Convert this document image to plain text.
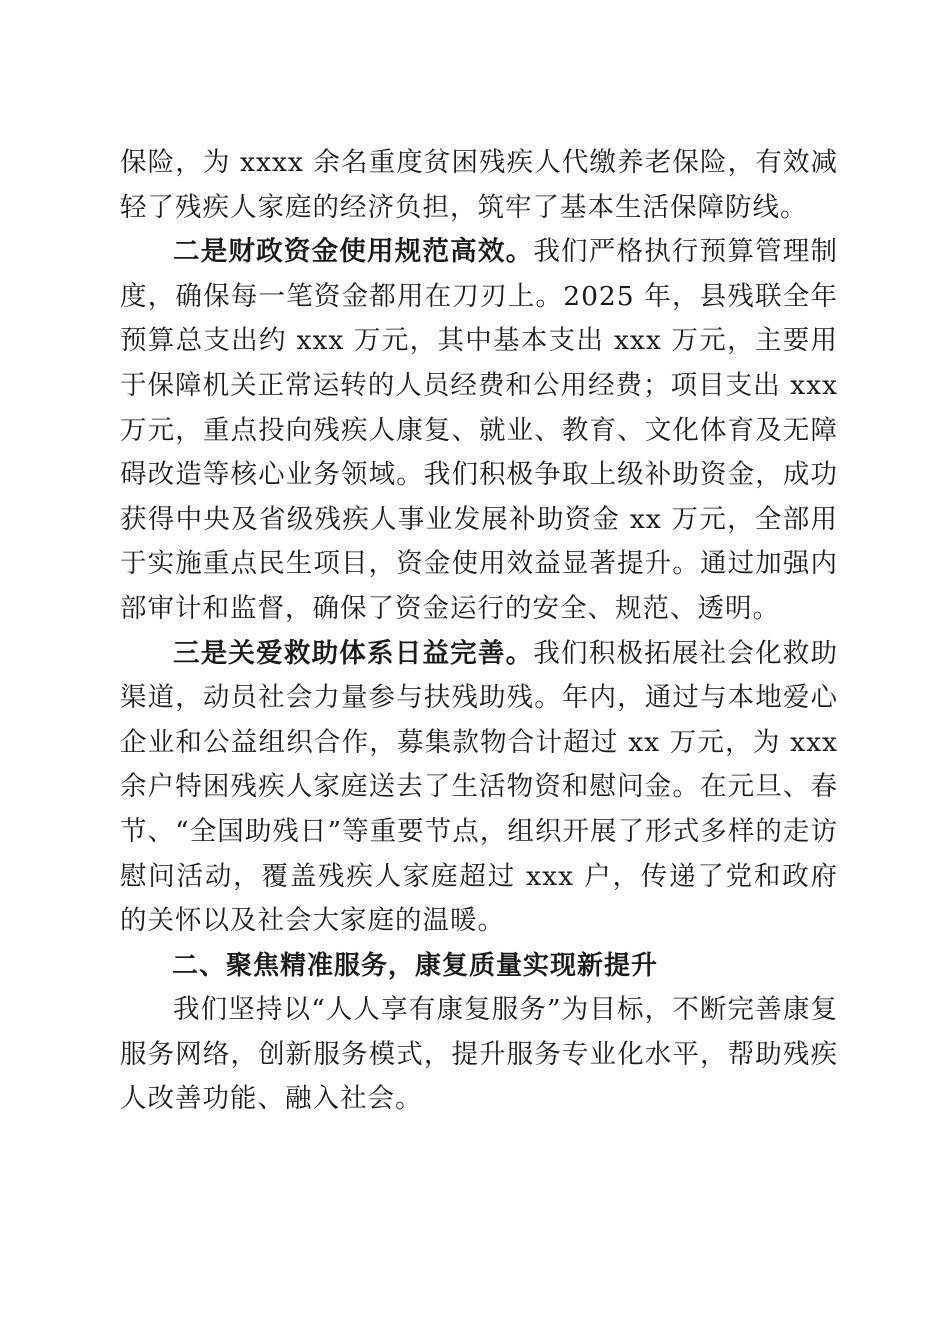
保险，为 xxxx 余名重度贫困残疾人代缴养老保险，有效减轻了残疾人家庭的经济负担，筑牢了基本生活保障防线。

二是财政资金使用规范高效。我们严格执行预算管理制度，确保每一笔资金都用在刀刃上。2025 年，县残联全年预算总支出约 xxx 万元，其中基本支出 xxx 万元，主要用于保障机关正常运转的人员经费和公用经费；项目支出 xxx 万元，重点投向残疾人康复、就业、教育、文化体育及无障碍改造等核心业务领域。我们积极争取上级补助资金，成功获得中央及省级残疾人事业发展补助资金 xx 万元，全部用于实施重点民生项目，资金使用效益显著提升。通过加强内部审计和监督，确保了资金运行的安全、规范、透明。

三是关爱救助体系日益完善。我们积极拓展社会化救助渠道，动员社会力量参与扶残助残。年内，通过与本地爱心企业和公益组织合作，募集款物合计超过 xx 万元，为 xxx 余户特困残疾人家庭送去了生活物资和慰问金。在元旦、春节、“全国助残日”等重要节点，组织开展了形式多样的走访慰问活动，覆盖残疾人家庭超过 xxx 户，传递了党和政府的关怀以及社会大家庭的温暖。

二、聚焦精准服务，康复质量实现新提升

我们坚持以“人人享有康复服务”为目标，不断完善康复服务网络，创新服务模式，提升服务专业化水平，帮助残疾人改善功能、融入社会。
